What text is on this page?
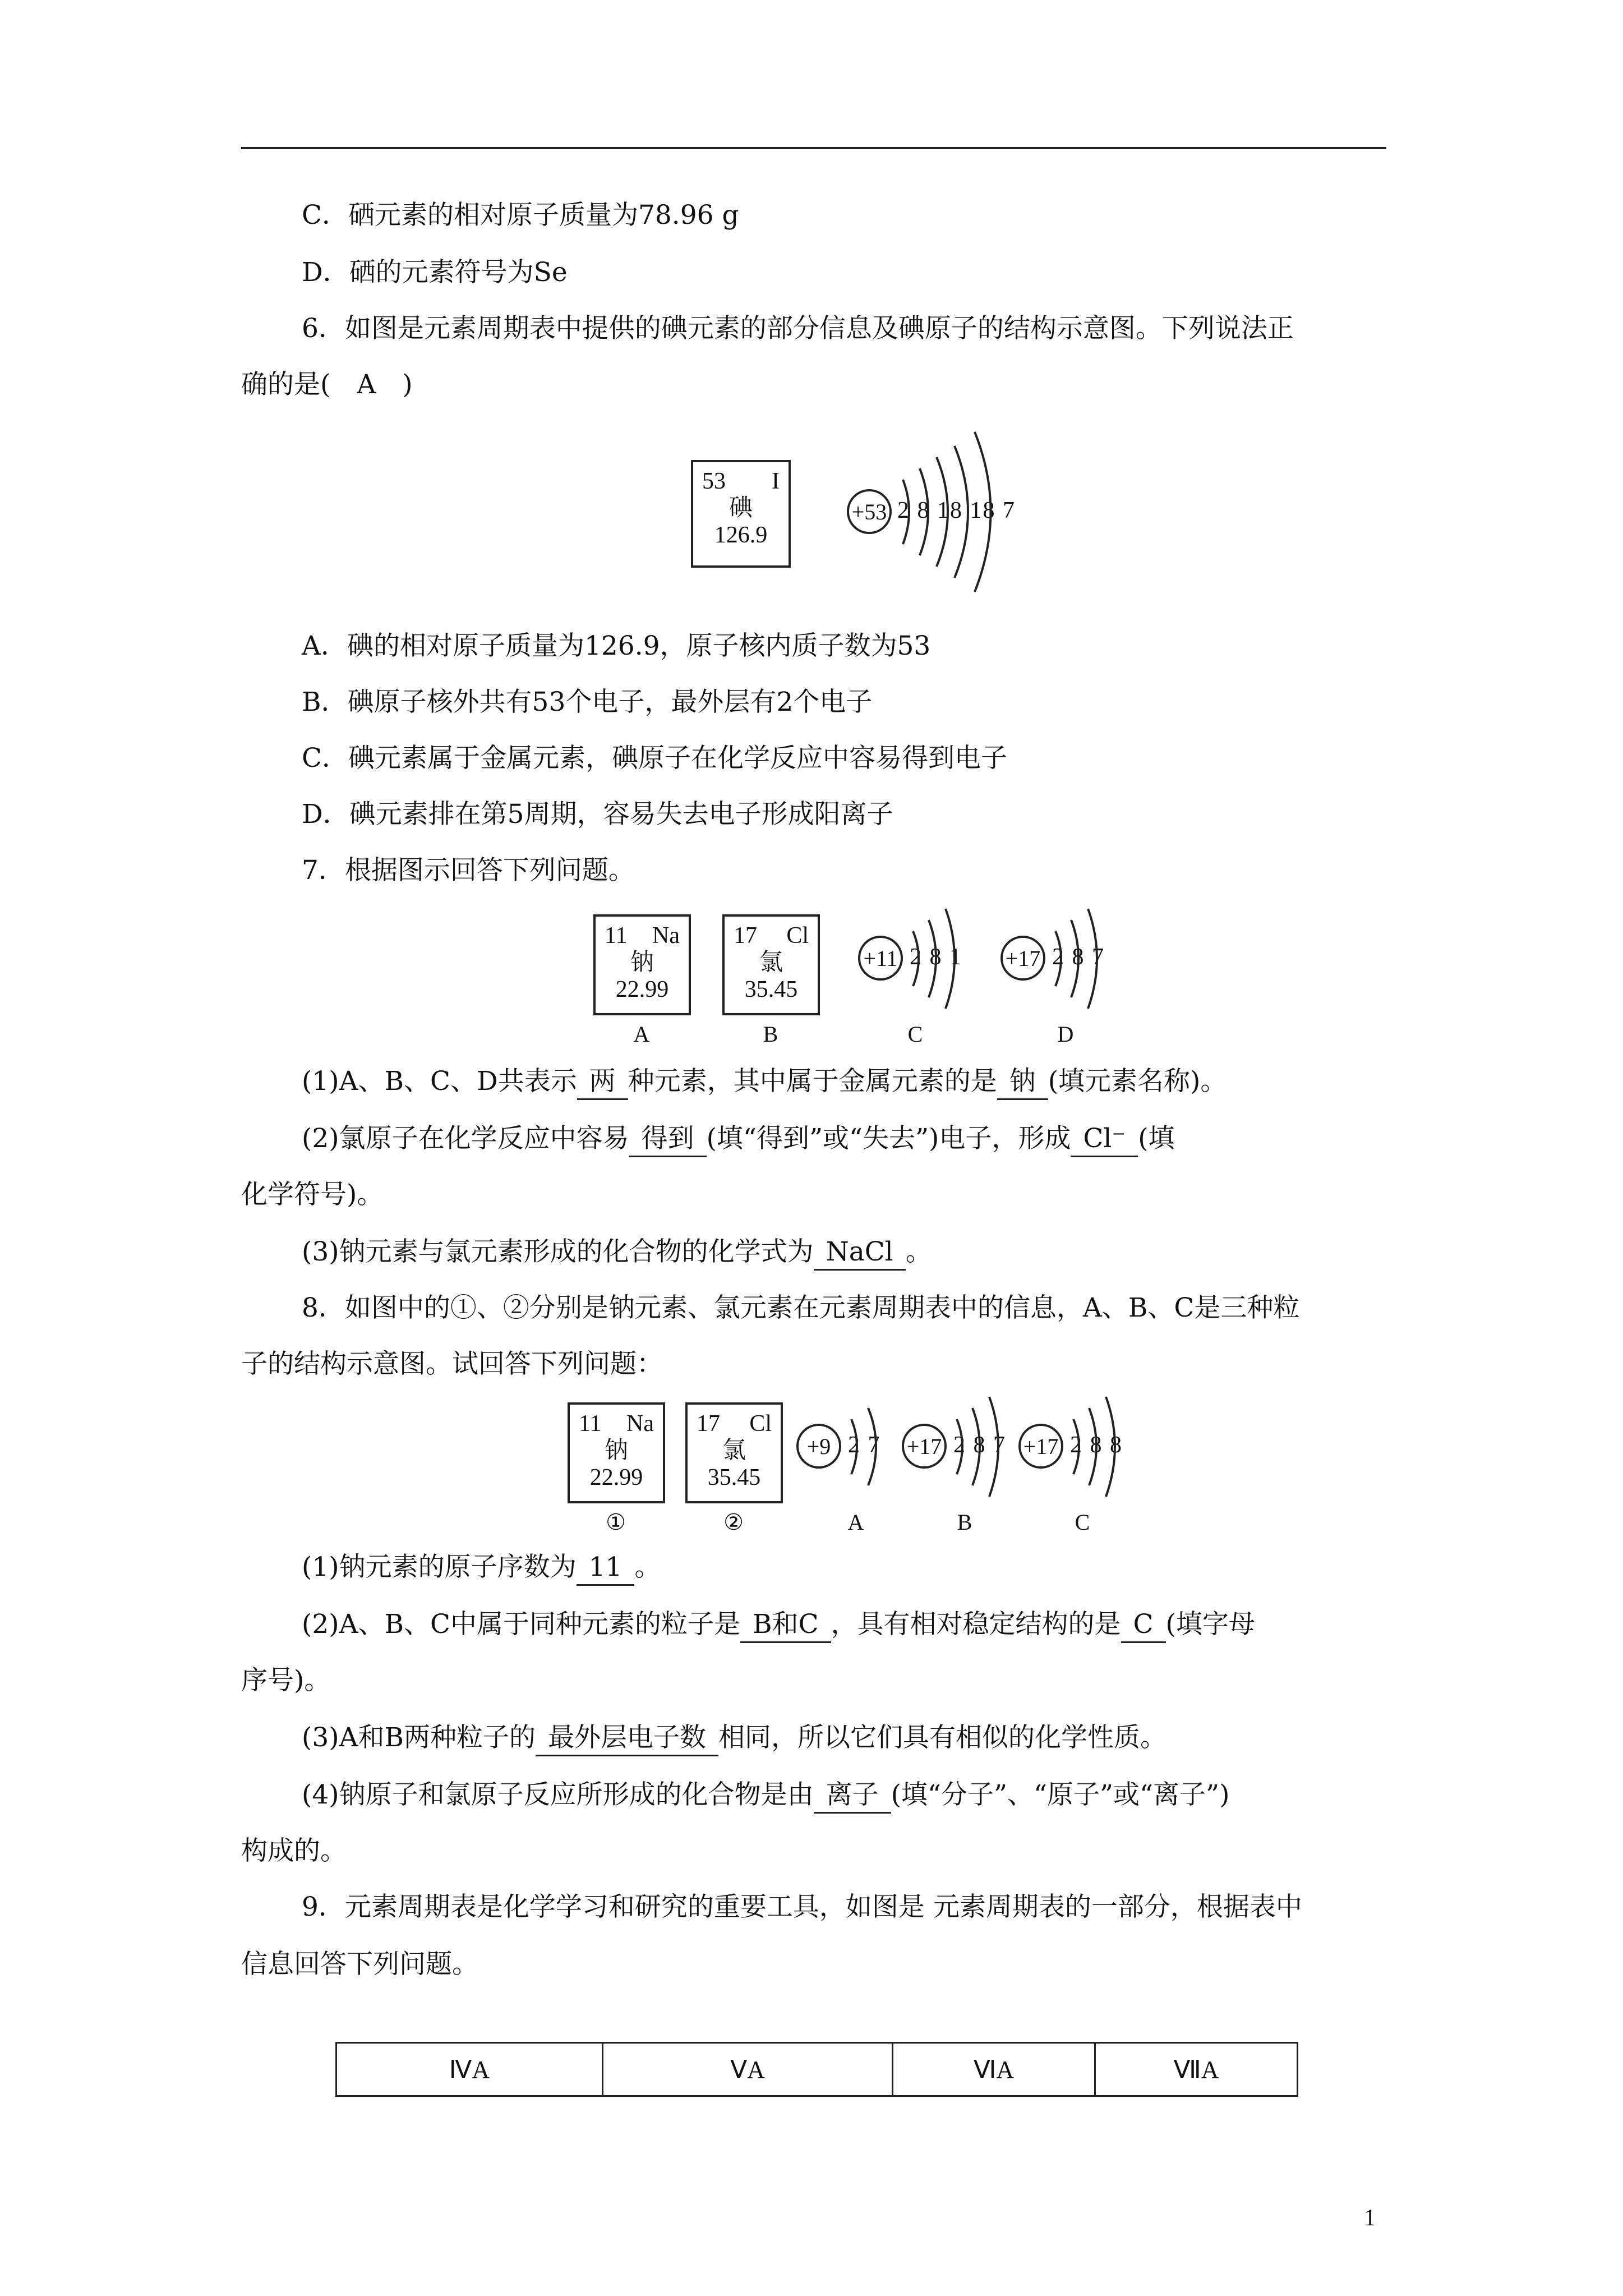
C．硒元素的相对原子质量为78.96 g
D．硒的元素符号为Se
6．如图是元素周期表中提供的碘元素的部分信息及碘原子的结构示意图。下列说法正
确的是(　A　)
53 I
碘
126.9
+53 2 8 18 18 7
A．碘的相对原子质量为126.9，原子核内质子数为53
B．碘原子核外共有53个电子，最外层有2个电子
C．碘元素属于金属元素，碘原子在化学反应中容易得到电子
D．碘元素排在第5周期，容易失去电子形成阳离子
7．根据图示回答下列问题。
11 Na
钠
22.99
A
17 Cl
氯
35.45
B
+11 2 8 1
C
+17 2 8 7
D
(1)A、B、C、D共表示 两 种元素，其中属于金属元素的是 钠 (填元素名称)。
(2)氯原子在化学反应中容易 得到 (填“得到”或“失去”)电子，形成 Cl⁻ (填
化学符号)。
(3)钠元素与氯元素形成的化合物的化学式为 NaCl 。
8．如图中的①、②分别是钠元素、氯元素在元素周期表中的信息，A、B、C是三种粒
子的结构示意图。试回答下列问题：
11 Na
钠
22.99
①
17 Cl
氯
35.45
②
+9 2 7
A
+17 2 8 7
B
+17 2 8 8
C
(1)钠元素的原子序数为 11 。
(2)A、B、C中属于同种元素的粒子是 B和C ，具有相对稳定结构的是 C (填字母
序号)。
(3)A和B两种粒子的 最外层电子数 相同，所以它们具有相似的化学性质。
(4)钠原子和氯原子反应所形成的化合物是由 离子 (填“分子”、“原子”或“离子”)
构成的。
9．元素周期表是化学学习和研究的重要工具，如图是 元素周期表的一部分，根据表中
信息回答下列问题。
ⅣA	ⅤA	ⅥA	ⅦA
1
